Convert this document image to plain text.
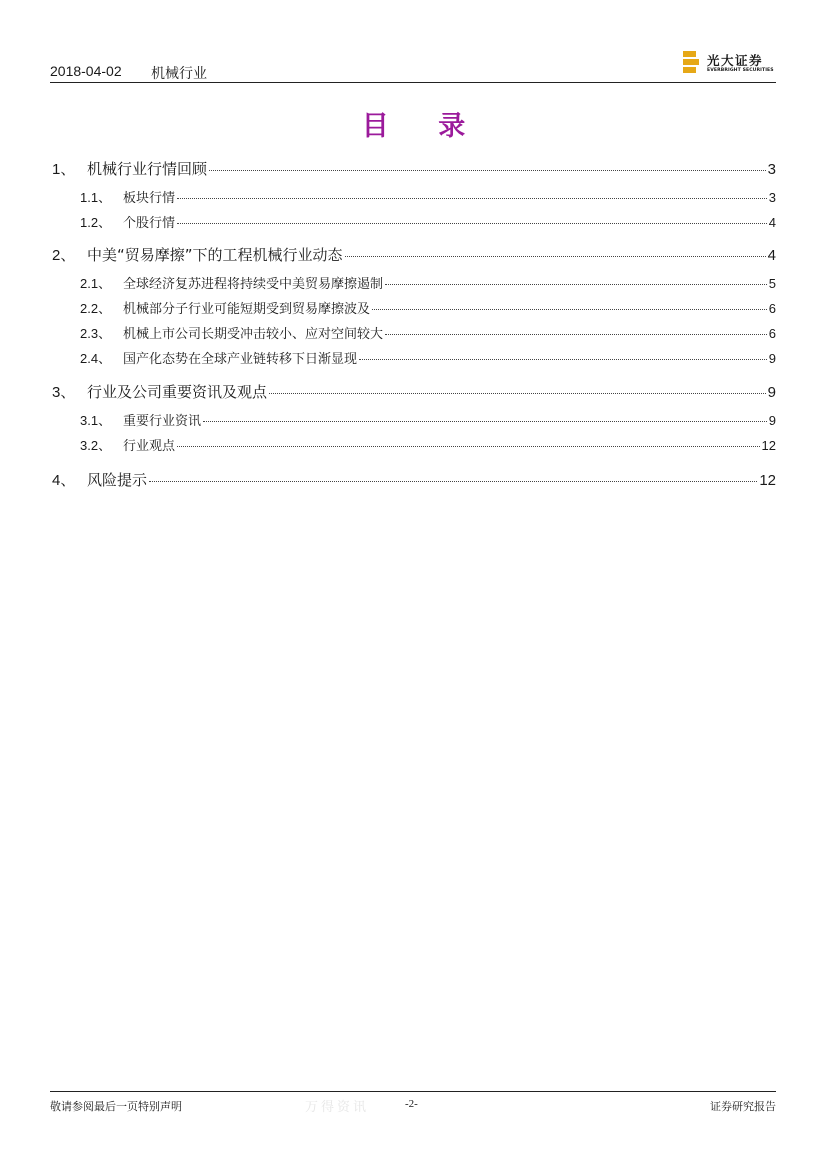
2018-04-02 机械行业
光大证券
EVERBRIGHT SECURITIES
目 录
1、 机械行业行情回顾	3
1.1、 板块行情	3
1.2、 个股行情	4
2、 中美“贸易摩擦”下的工程机械行业动态	4
2.1、 全球经济复苏进程将持续受中美贸易摩擦遏制	5
2.2、 机械部分子行业可能短期受到贸易摩擦波及	6
2.3、 机械上市公司长期受冲击较小、应对空间较大	6
2.4、 国产化态势在全球产业链转移下日渐显现	9
3、 行业及公司重要资讯及观点	9
3.1、 重要行业资讯	9
3.2、 行业观点	12
4、 风险提示	12
敬请参阅最后一页特别声明	万得资讯	-2-	证券研究报告
